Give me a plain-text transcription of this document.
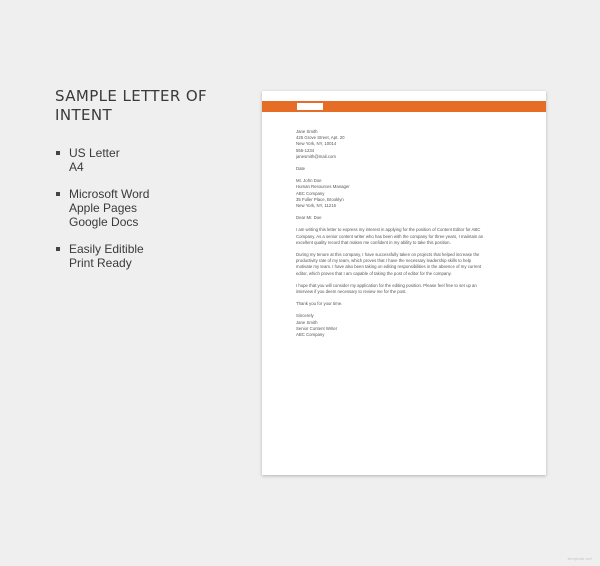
SAMPLE LETTER OF INTENT
US Letter
A4
Microsoft Word
Apple Pages
Google Docs
Easily Editible
Print Ready
Jane Smith
425 Grove Street, Apt. 20
New York, NY, 10014
555-1234
janesmith@mail.com
Date
Mr. John Doe
Human Resources Manager
ABC Company
35 Fuller Place, Brooklyn
New York, NY, 11215
Dear Mr. Doe
I am writing this letter to express my interest in applying for the position of Content Editor for ABC
Company. As a senior content writer who has been with the company for three years, I maintain an
excellent quality record that makes me confident in my ability to take this position.
During my tenure at this company, I have successfully taken on projects that helped increase the
productivity rate of my team, which proves that I have the necessary leadership skills to help
motivate my team. I have also been taking on editing responsibilities in the absence of my current
editor, which proves that I am capable of taking the post of editor for the company.
I hope that you will consider my application for the editing position. Please feel free to set up an
interview if you deem necessary to review me for the post.
Thank you for your time.
Sincerely
Jane Smith
Senior Content Writer
ABC Company
template.net
